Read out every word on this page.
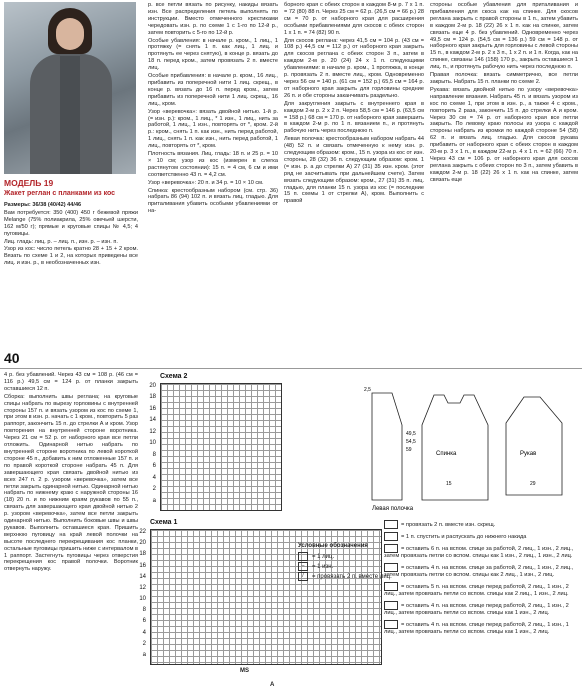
МОДЕЛЬ 19
Жакет реглан с планками из кос

Размеры: 36/38 (40/42) 44/46

Вам потребуется: 350 (400) 450 г бежевой пряжи Melange (75% полиакрила, 25% овечьей шерсти, 162 м/50 г); прямые и круговые спицы № 4,5; 4 пуговицы.

Лиц. гладь: лиц. р. – лиц. п., изн. р. – изн. п.

Узор из кос: число петель кратно 28 + 15 + 2 кром. Вязать по схеме 1 и 2, на которых приведены все лиц. и изн. р., в необозначенных изн.

40

р. все петли вязать по рисунку, накиды вязать изн. Все распределения петель выполнять по инструкции. Вместо отмеченного крестиками чередовать изн. р. по схеме 1 с 1-го по 12-й р., затем повторить с 5-го по 12-й р.

Особые убавления: в начале р. кром., 1 лиц., 1 протяжку (= снять 1 п. как лиц., 1 лиц. и протянуть ее через снятую), в конце р. вязать до 18 п. перед кром., затем провязать 2 п. вместе лиц.

Особые прибавления: в начале р. кром., 16 лиц., прибавить из поперечной нити 1 лиц. скрещ., в конце р. вязать до 16 п. перед кром., затем прибавить из поперечной нити 1 лиц. скрещ., 16 лиц., кром.

Узор «веревочка»: вязать двойной нитью. 1-й р. (= изн. р.): кром., 1 лиц., * 1 изн., 1 лиц., нить за работой, 1 лиц., 1 изн., повторять от *, кром. 2-й р.: кром., снять 1 п. как изн., нить перед работой, 1 лиц., снять 1 п. как изн., нить перед работой, 1 лиц., повторять от *, кром.

Плотность вязания. Лиц. гладь: 18 п. и 25 р. = 10 × 10 см; узор из кос (измерен в слегка растянутом состоянии): 15 п. = 4 см, 6 см и ими соответственно 43 п. = 4,2 см.

Узор «веревочка»: 20 п. и 34 р. = 10 × 10 см.

Спинка: крестообразным набором (см. стр. 36) набрать 86 (94) 102 п. и вязать лиц. гладью. Для приталивания убавить особыми убавлениями от на-

борного края с обеих сторон в каждом 8-м р. 7 х 1 п. = 72 (80) 88 п. Через 25 см = 62 р. (26,5 см = 66 р.) 28 см = 70 р. от наборного края для расширения особыми прибавлениями для скосов с обеих сторон 1 х 1 п. = 74 (82) 90 п.

Для скосов реглана: через 41,5 см = 104 р. (43 см = 108 р.) 44,5 см = 112 р.) от наборного края закрыть для скосов реглана с обеих сторон 3 п., затем в каждом 2-м р. 20 (24) 24 х 1 п. следующими убавлениями: в начале р. кром., 1 протяжка, в конце р. провязать 2 п. вместе лиц., кром. Одновременно через 56 см = 140 р. (61 см = 152 р.) 65,5 см = 164 р. от наборного края закрыть для горловины средние 26 п. и обе стороны заканчивать раздельно.

Для закругления закрыть с внутреннего края в каждом 2-м р. 2 х 2 п. Через 58,5 см = 146 р. (63,5 см = 158 р.) 68 см = 170 р. от наборного края завершить в каждом 2-м р. по 1 п. вязанием п., и протянуть рабочую нить через последнюю п.

Левая полочка: крестообразным набором набрать 44 (48) 52 п. и связать отмеченную к нему изн. р. следующим образом: кром., 15 п. узора из кос от изн. стороны, 28 (32) 36 п. следующим образом: кром. 1 (= изн. р. а до стрелки А) 27 (31) 35 изн. кром. (этот ряд не засчитывать при дальнейшем счете). Затем вязать следующим образом: кром., 27 (31) 35 п. лиц. гладью, для планки 15 п. узора из кос (= последние 15 п. схемы 1 от стрелки А), кром. Выполнить с правой

стороны особые убавления для приталивания и прибавления для скоса как на спинке. Для скосов реглана закрыть с правой стороны в 1 п., затем убавить в каждом 2-м р. 18 (22) 26 х 1 п. как на спинке, затем связать еще 4 р. без убавлений. Одновременно через 49,5 см = 124 р. (54,5 см = 136 р.) 59 см = 148 р. от наборного края закрыть для горловины с левой стороны 15 п., в каждом 2-м р. 2 х 3 п., 1 х 2 п. и 1 п. Когда, как на спинке, связаны 146 (158) 170 р., закрыть оставшиеся 1 лиц. п., и протянуть рабочую нить через последнюю п.

Правая полочка: вязать симметрично, все петли закрыть. Набрать 15 п. планки по схеме 2.

Рукава: вязать двойной нитью по узору «веревочка» направление вязания. Набрать 45 п. и вязать узором из кос по схеме 1, при этом в изн. р., а также 4 с кром., повторить 2 раза, закончить 15 п. до стрелки А и кром. Через 30 см = 74 р. от наборного края все петли закрыть. По левому краю полосы из узора с каждой стороны набрать из кромки по каждой стороне 54 (58) 62 п. и вязать лиц. гладью. Для скосов рукава прибавить от наборного края с обеих сторон в каждом 20-м р. 3 х 1 п., в каждом 22-м р. 4 х 1 п. = 62 (66) 70 п. Через 43 см = 106 р. от наборного края для скосов реглана закрыть с обеих сторон по 3 п., затем убавить в каждом 2-м р. 18 (22) 26 х 1 п. как на спинке, затем связать еще

4 р. без убавлений. Через 43 см = 108 р. (46 см = 116 р.) 49,5 см = 124 р. от планки закрыть оставшиеся 12 п.

Сборка: выполнить швы реглана; на круговые спицы набрать по вырезу горловины с внутренней стороны 157 п. и вязать узором из кос по схеме 1, при этом в изн. р. начать с 1 кром., повторить 5 раз раппорт, закончить 15 п. до стрелки А и кром. Узор повторения на внутренней стороне воротника. Через 21 см = 52 р. от наборного края все петли отложить. Одинарной нитью набрать по внутренней стороне воротника по левой короткой стороне 45 п., добавить к ним отложенные 157 п. и по правой короткой стороне набрать 45 п. Для завершающего края связать двойной нитью из всех 247 п. 2 р. узором «веревочка», затем все петли закрыть одинарной нитью. Одинарной нитью набрать по нижнему краю с наружной стороны 16 (18) 20 п. и по нижним краям рукавов по 55 п., связать для завершающего края двойной нитью 2 р. узором «веревочка», затем все петли закрыть одинарной нитью. Выполнить боковые швы и швы рукавов. Выполнить оставшиеся края. Пришить верхнюю пуговицу на край левой полочки на высоте последнего перекрещивания кос планки, остальные пуговицы пришить ниже с интервалом в 1 раппорт. Застегнуть пуговицы через отверстия перекрещения кос правой полочки. Воротник отвернуть наружу.

Схема 2
20
18
16
14
12
10
8
6
4
2
a
Схема 1
22
20
18
16
14
12
10
8
6
4
2
a
MS
A
Условные обозначения
= 1 лиц.
– = 1 изн.
/ = провязать 2 п. вместе лиц.
Левая полочка
Спинка	Рукав
2,5
49,5
54,5
59
15	29
= провязать 2 п. вместе изн. скрещ.
= 1 п. спустить и распускать до нижнего накида
= оставить 6 п. на вспом. спице за работой, 2 лиц., 1 изн., 2 лиц., затем провязать петли со вспом. спицы как 1 изн., 2 лиц., 1 изн., 2 лиц.
= оставить 4 п. на вспом. спице за работой, 2 лиц., 1 изн., 2 лиц., затем провязать петли со вспом. спицы как 2 лиц., 1 изн., 2 лиц.
= оставить 5 п. на вспом. спице перед работой, 2 лиц., 1 изн., 2 лиц., затем провязать петли со вспом. спицы как 2 лиц., 1 изн., 2 лиц.
= оставить 4 п. на вспом. спице перед работой, 2 лиц., 1 изн., 2 лиц., затем провязать петли со вспом. спицы как 1 изн., 2 лиц.
= оставить 4 п. на вспом. спице перед работой, 2 лиц., 1 изн., 1 лиц., затем провязать петли со вспом. спицы как 1 изн., 2 лиц.
